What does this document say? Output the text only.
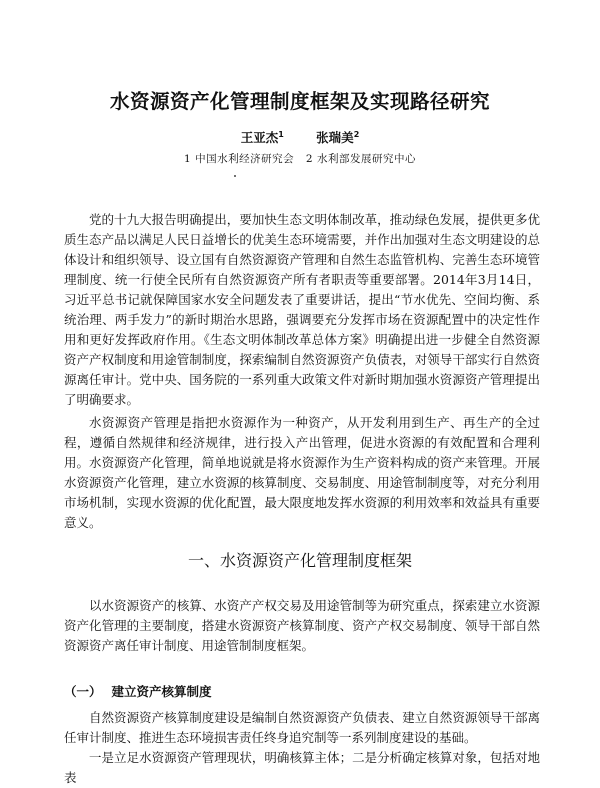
水资源资产化管理制度框架及实现路径研究
王亚杰$^1$	张瑞美$^2$
1 中国水利经济研究会 2 水利部发展研究中心

党的十九大报告明确提出，要加快生态文明体制改革，推动绿色发展，提供更多优质生态产品以满足人民日益增长的优美生态环境需要，并作出加强对生态文明建设的总体设计和组织领导、设立国有自然资源资产管理和自然生态监管机构、完善生态环境管理制度、统一行使全民所有自然资源资产所有者职责等重要部署。2014年3月14日，习近平总书记就保障国家水安全问题发表了重要讲话，提出“节水优先、空间均衡、系统治理、两手发力”的新时期治水思路，强调要充分发挥市场在资源配置中的决定性作用和更好发挥政府作用。《生态文明体制改革总体方案》明确提出进一步健全自然资源资产产权制度和用途管制制度，探索编制自然资源资产负债表，对领导干部实行自然资源离任审计。党中央、国务院的一系列重大政策文件对新时期加强水资源资产管理提出了明确要求。

水资源资产管理是指把水资源作为一种资产，从开发利用到生产、再生产的全过程，遵循自然规律和经济规律，进行投入产出管理，促进水资源的有效配置和合理利用。水资源资产化管理，简单地说就是将水资源作为生产资料构成的资产来管理。开展水资源资产化管理，建立水资源的核算制度、交易制度、用途管制制度等，对充分利用市场机制，实现水资源的优化配置，最大限度地发挥水资源的利用效率和效益具有重要意义。

一、水资源资产化管理制度框架

以水资源资产的核算、水资产产权交易及用途管制等为研究重点，探索建立水资源资产化管理的主要制度，搭建水资源资产核算制度、资产产权交易制度、领导干部自然资源资产离任审计制度、用途管制制度框架。

（一） 建立资产核算制度

自然资源资产核算制度建设是编制自然资源资产负债表、建立自然资源领导干部离任审计制度、推进生态环境损害责任终身追究制等一系列制度建设的基础。

一是立足水资源资产管理现状，明确核算主体；二是分析确定核算对象，包括对地表
